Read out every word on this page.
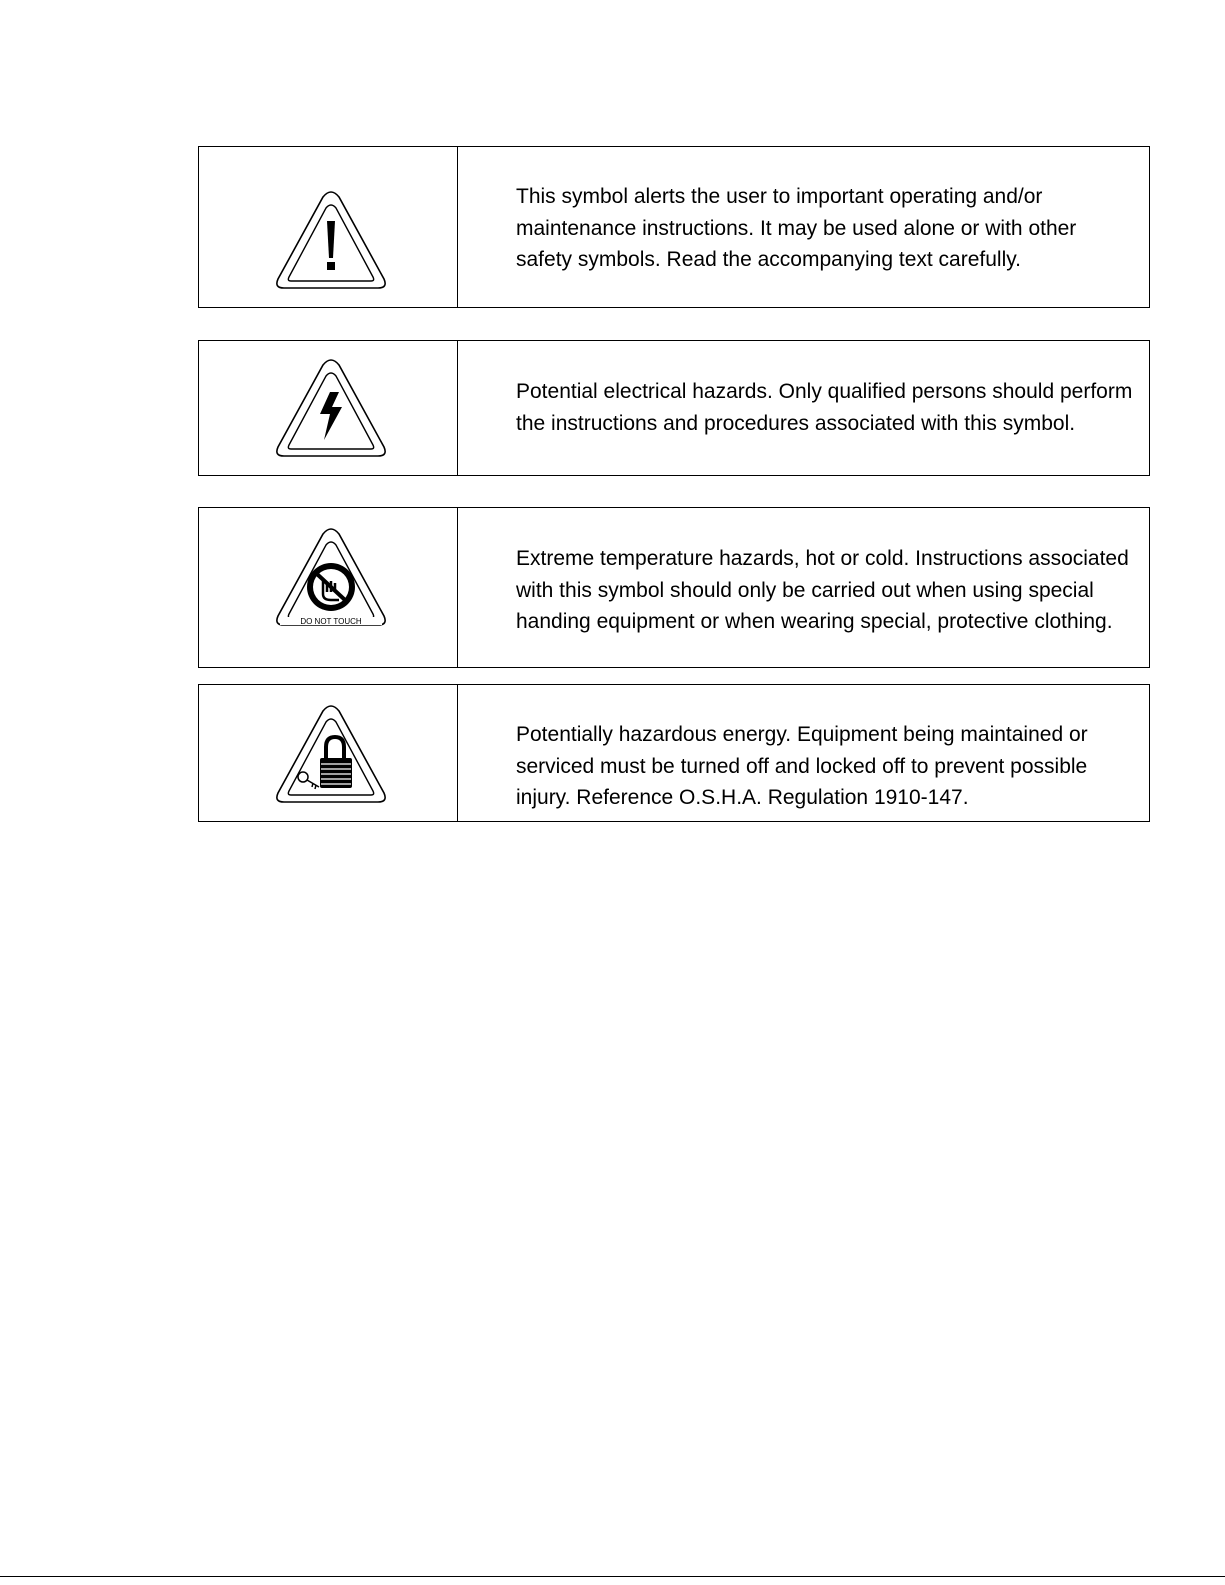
This symbol alerts the user to important operating and/or maintenance instructions. It may be used alone or with other safety symbols. Read the accompanying text carefully.

Potential electrical hazards. Only qualified persons should perform the instructions and procedures associated with this symbol.

DO NOT TOUCH

Extreme temperature hazards, hot or cold. Instructions associated with this symbol should only be carried out when using special handing equipment or when wearing special, protective clothing.

Potentially hazardous energy. Equipment being maintained or serviced must be turned off and locked off to prevent possible injury. Reference O.S.H.A. Regulation 1910-147.
